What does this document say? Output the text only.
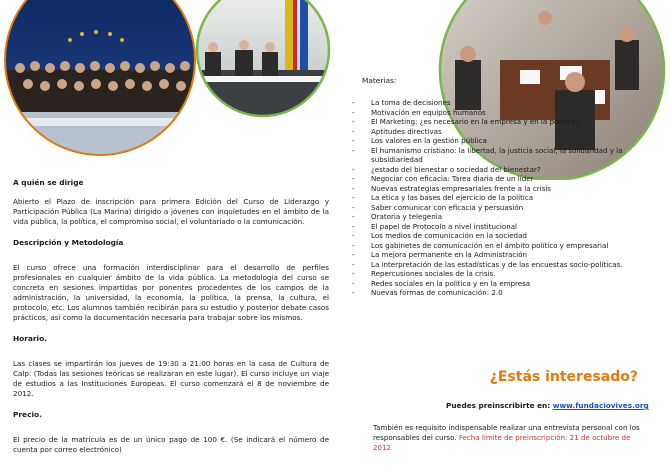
A quién se dirige

Abierto el Plazo de inscripción para primera Edición del Curso de Liderazgo y Participación Pública (La Marina) dirigido a jóvenes con inquietudes en el ámbito de la vida pública, la política, el compromiso social, el voluntariado o la comunicación.

Descripción y Metodología

El curso ofrece una formación interdisciplinar para el desarrollo de perfiles profesionales en cualquier ámbito de la vida pública. La metodología del curso se concreta en sesiones impartidas por ponentes procedentes de los campos de la administración, la universidad, la economía, la política, la prensa, la cultura, el protocolo, etc. Los alumnos también recibirán para su estudio y posterior debate casos prácticos, así como la documentación necesaria para trabajar sobre los mismos.

Horario.

Las clases se impartirán los jueves de 19:30 a 21:00 horas en la casa de Cultura de Calp. (Todas las sesiones teóricas se realizaran en este lugar). El curso incluye un viaje de estudios a las Instituciones Europeas. El curso comenzará el 8 de noviembre de 2012.

Precio.

El precio de la matrícula es de un único pago de 100 €. (Se indicará el número de cuenta por correo electrónico)

Materias:
- La toma de decisiones
- Motivación en equipos humanos
- El Marketing: ¿es necesario en la empresa y en la política?
- Aptitudes directivas
- Los valores en la gestión pública
- El humanismo cristiano: la libertad, la justicia social, la solidaridad y la subsidiariedad
- ¿estado del bienestar o sociedad del bienestar?
- Negociar con eficacia: Tarea diaria de un líder
- Nuevas estrategias empresariales frente a la crisis
- La ética y las bases del ejercicio de la política
- Saber comunicar con eficacia y persuasión
- Oratoria y telegenia
- El papel de Protocolo a nivel institucional
- Los medios de comunicación en la sociedad
- Los gabinetes de comunicación en el ámbito político y empresarial
- La mejora permanente en la Administración
- La interpretación de las estadísticas y de las encuestas socio-políticas.
- Repercusiones sociales de la crisis.
- Redes sociales en la política y en la empresa
- Nuevas formas de comunicación: 2.0
¿Estás interesado?
Puedes preinscribirte en: www.fundaciovives.org
También es requisito indispensable realizar una entrevista personal con los responsables del curso. Fecha límite de preinscripción: 21 de octubre de 2012
